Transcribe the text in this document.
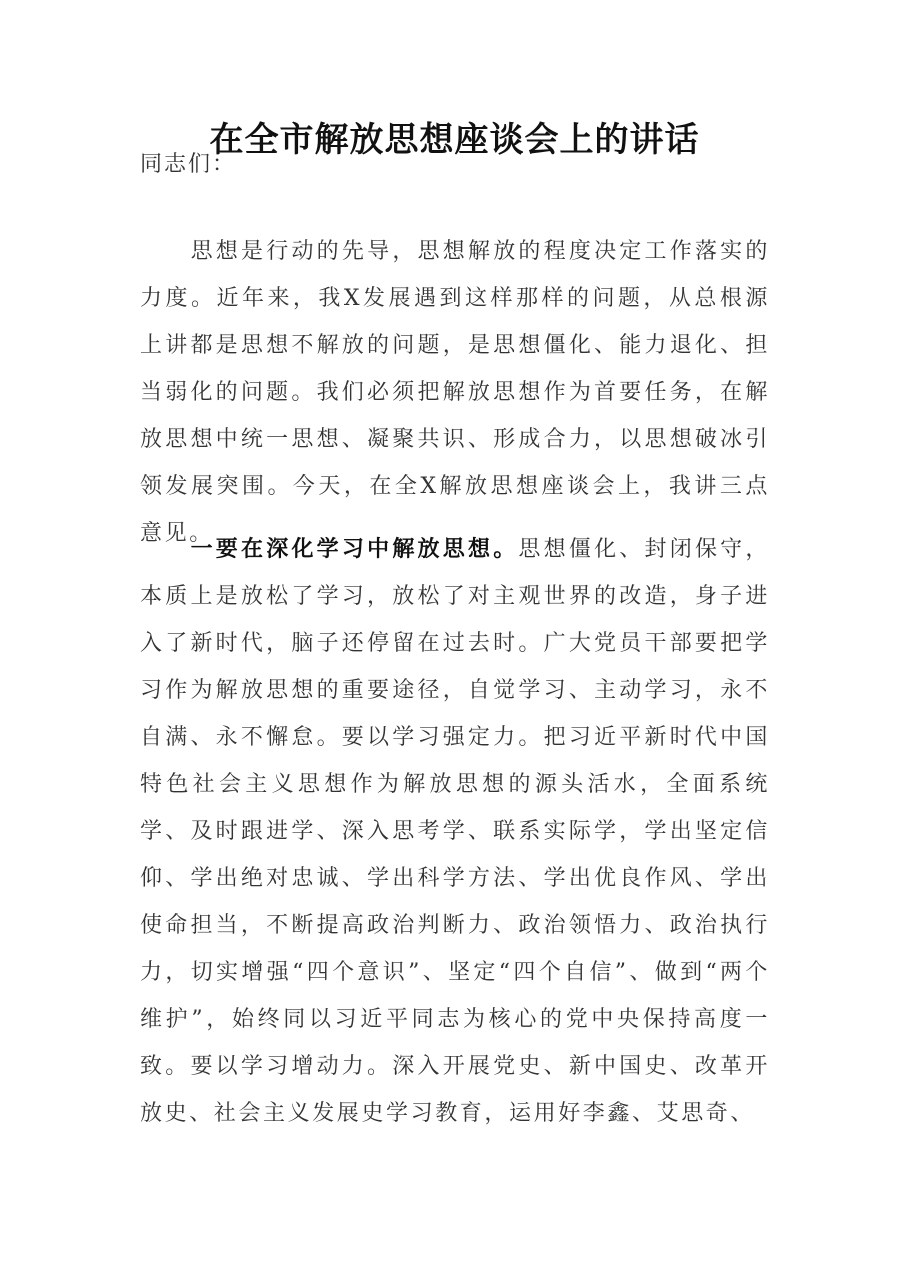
在全市解放思想座谈会上的讲话
同志们：

思想是行动的先导，思想解放的程度决定工作落实的力度。近年来，我X发展遇到这样那样的问题，从总根源上讲都是思想不解放的问题，是思想僵化、能力退化、担当弱化的问题。我们必须把解放思想作为首要任务，在解放思想中统一思想、凝聚共识、形成合力，以思想破冰引领发展突围。今天，在全X解放思想座谈会上，我讲三点意见。

一要在深化学习中解放思想。思想僵化、封闭保守，本质上是放松了学习，放松了对主观世界的改造，身子进入了新时代，脑子还停留在过去时。广大党员干部要把学习作为解放思想的重要途径，自觉学习、主动学习，永不自满、永不懈怠。要以学习强定力。把习近平新时代中国特色社会主义思想作为解放思想的源头活水，全面系统学、及时跟进学、深入思考学、联系实际学，学出坚定信仰、学出绝对忠诚、学出科学方法、学出优良作风、学出使命担当，不断提高政治判断力、政治领悟力、政治执行力，切实增强“四个意识”、坚定“四个自信”、做到“两个维护”，始终同以习近平同志为核心的党中央保持高度一致。要以学习增动力。深入开展党史、新中国史、改革开放史、社会主义发展史学习教育，运用好李鑫、艾思奇、
